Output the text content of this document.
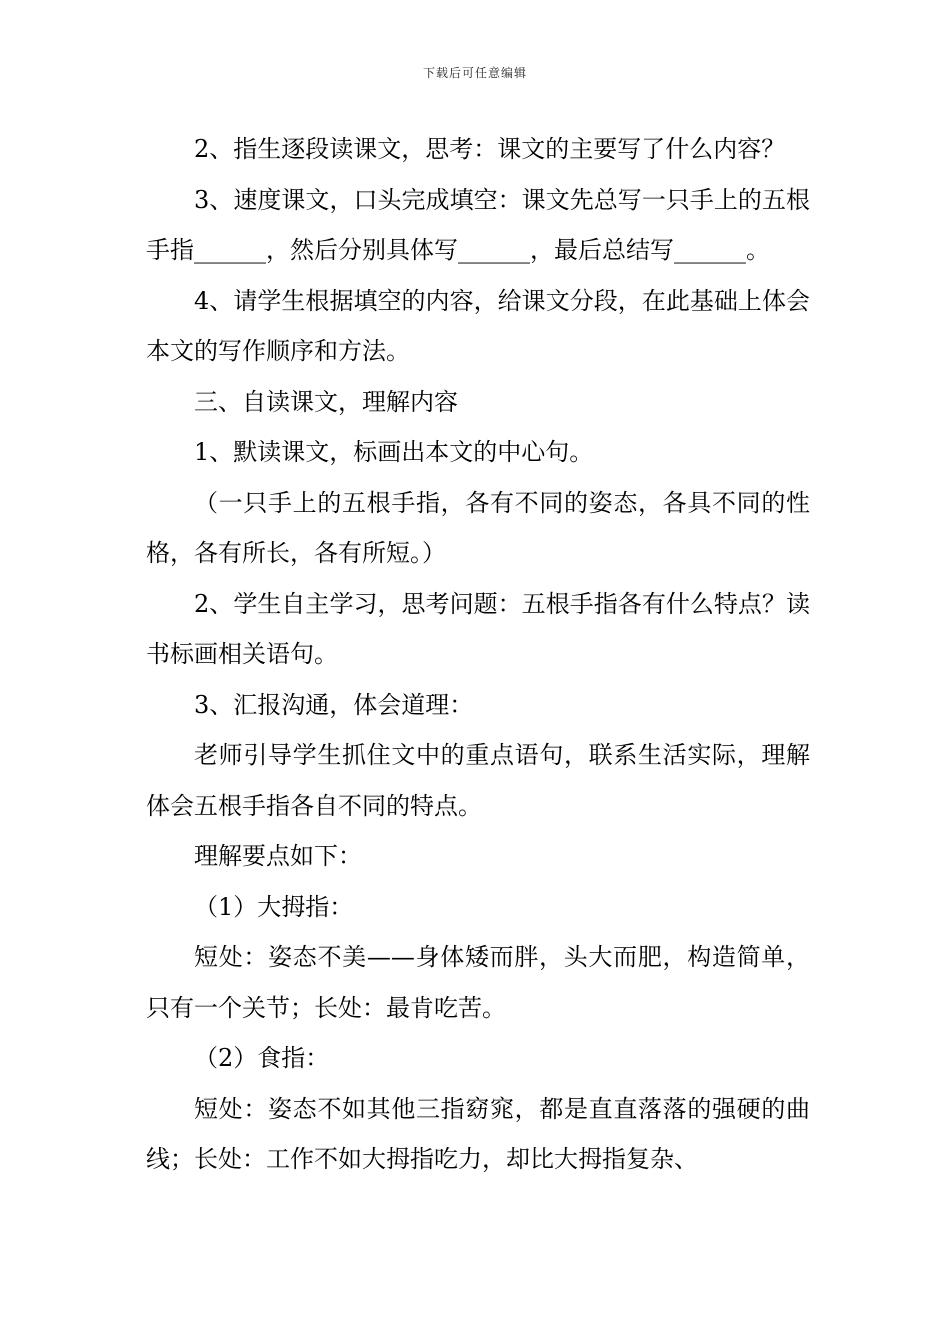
下载后可任意编辑

2、指生逐段读课文，思考：课文的主要写了什么内容？

3、速度课文，口头完成填空：课文先总写一只手上的五根手指______，然后分别具体写______，最后总结写______。

4、请学生根据填空的内容，给课文分段，在此基础上体会本文的写作顺序和方法。

三、自读课文，理解内容

1、默读课文，标画出本文的中心句。

（一只手上的五根手指，各有不同的姿态，各具不同的性格，各有所长，各有所短。）

2、学生自主学习，思考问题：五根手指各有什么特点？读书标画相关语句。

3、汇报沟通，体会道理：

老师引导学生抓住文中的重点语句，联系生活实际，理解体会五根手指各自不同的特点。

理解要点如下：

（1）大拇指：

短处：姿态不美——身体矮而胖，头大而肥，构造简单，只有一个关节；长处：最肯吃苦。

（2）食指：

短处：姿态不如其他三指窈窕，都是直直落落的强硬的曲线；长处：工作不如大拇指吃力，却比大拇指复杂、
